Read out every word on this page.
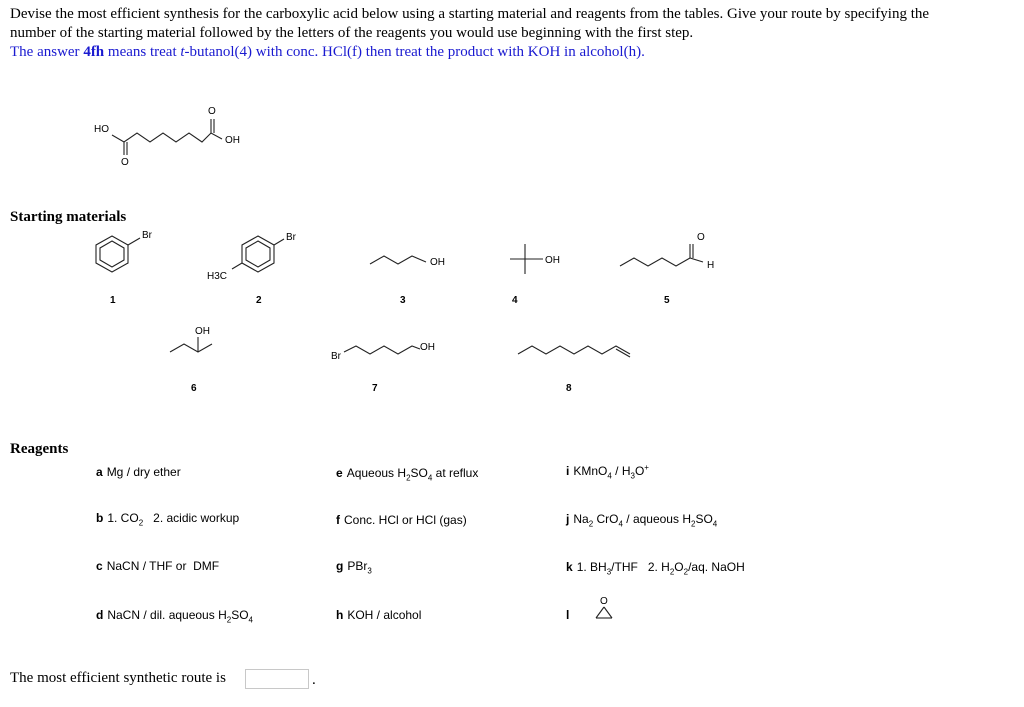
Devise the most efficient synthesis for the carboxylic acid below using a starting material and reagents from the tables. Give your route by specifying the
number of the starting material followed by the letters of the reagents you would use beginning with the first step.
The answer 4fh means treat t-butanol(4) with conc. HCl(f) then treat the product with KOH in alcohol(h).
HO
O
O
OH
Br
1
Br
H3C
2
OH
3
OH
4
O
H
5
OH
6
Br
OH
7	8
O
Starting materials
Reagents
a Mg / dry ether
b 1. $CO_2$   2. acidic workup
c NaCN / THF or  DMF
d NaCN / dil. aqueous $H_2SO_4$
e Aqueous $H_2SO_4$ at reflux
f Conc. HCl or HCl (gas)
g PBr$_3$
h KOH / alcohol
i KMnO$_4$ / $H_3O^+$
j $Na_2$ CrO$_4$ / aqueous $H_2SO_4$
k 1. $BH_3$/THF   2. $H_2O_2/aq$. NaOH
l
The most efficient synthetic route is	.
